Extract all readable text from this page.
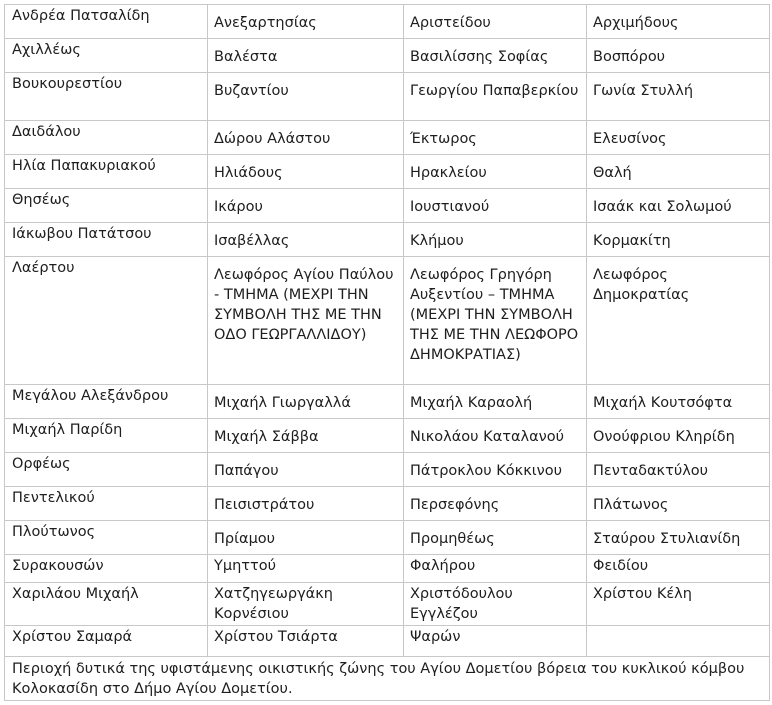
Ανδρέα Πατσαλίδη	Ανεξαρτησίας	Αριστείδου	Αρχιμήδους
Αχιλλέως	Βαλέστα	Βασιλίσσης Σοφίας	Βοσπόρου
Βουκουρεστίου	Βυζαντίου	Γεωργίου Παπαβερκίου	Γωνία Στυλλή
Δαιδάλου	Δώρου Αλάστου	Έκτωρος	Ελευσίνος
Ηλία Παπακυριακού	Ηλιάδους	Ηρακλείου	Θαλή
Θησέως	Ικάρου	Ιουστιανού	Ισαάκ και Σολωμού
Ιάκωβου Πατάτσου	Ισαβέλλας	Κλήμου	Κορμακίτη
Λαέρτου	Λεωφόρος Αγίου Παύλου - ΤΜΗΜΑ (ΜΕΧΡΙ ΤΗΝ ΣΥΜΒΟΛΗ ΤΗΣ ΜΕ ΤΗΝ ΟΔΟ ΓΕΩΡΓΑΛΛΙΔΟΥ)	Λεωφόρος Γρηγόρη Αυξεντίου – ΤΜΗΜΑ (ΜΕΧΡΙ ΤΗΝ ΣΥΜΒΟΛΗ ΤΗΣ ΜΕ ΤΗΝ ΛΕΩΦΟΡΟ ΔΗΜΟΚΡΑΤΙΑΣ)	Λεωφόρος Δημοκρατίας
Μεγάλου Αλεξάνδρου	Μιχαήλ Γιωργαλλά	Μιχαήλ Καραολή	Μιχαήλ Κουτσόφτα
Μιχαήλ Παρίδη	Μιχαήλ Σάββα	Νικολάου Καταλανού	Ονούφριου Κληρίδη
Ορφέως	Παπάγου	Πάτροκλου Κόκκινου	Πενταδακτύλου
Πεντελικού	Πεισιστράτου	Περσεφόνης	Πλάτωνος
Πλούτωνος	Πρίαμου	Προμηθέως	Σταύρου Στυλιανίδη
Συρακουσών	Υμηττού	Φαλήρου	Φειδίου
Χαριλάου Μιχαήλ	Χατζηγεωργάκη Κορνέσιου	Χριστόδουλου Εγγλέζου	Χρίστου Κέλη
Χρίστου Σαμαρά	Χρίστου Τσιάρτα	Ψαρών	
Περιοχή δυτικά της υφιστάμενης οικιστικής ζώνης του Αγίου Δομετίου βόρεια του κυκλικού κόμβου Κολοκασίδη στο Δήμο Αγίου Δομετίου.			
